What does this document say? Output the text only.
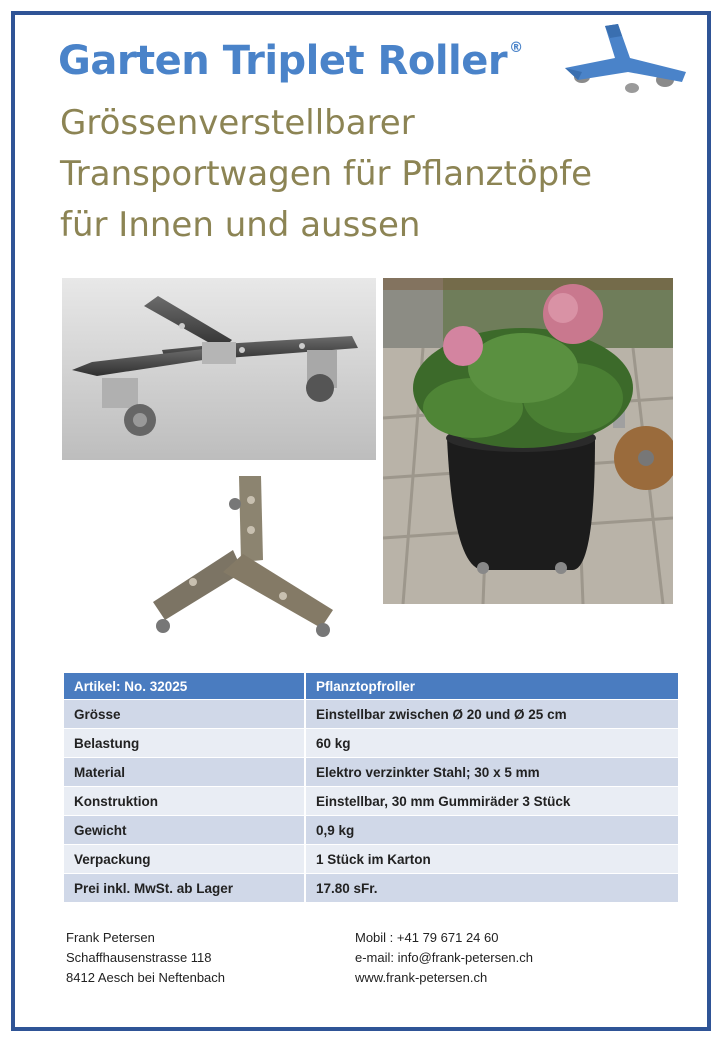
Garten Triplet Roller ®
Grössenverstellbarer
Transportwagen für Pflanztöpfe
für Innen und aussen
Artikel: No. 32025	Pflanztopfroller
Grösse	Einstellbar zwischen Ø 20 und Ø 25 cm
Belastung	60 kg
Material	Elektro verzinkter Stahl; 30 x 5 mm
Konstruktion	Einstellbar, 30 mm Gummiräder 3 Stück
Gewicht	0,9 kg
Verpackung	1 Stück im Karton
Prei inkl. MwSt. ab Lager	17.80 sFr.
Frank Petersen
Schaffhausenstrasse 118
8412 Aesch bei Neftenbach
Mobil : +41 79 671 24 60
e-mail: info@frank-petersen.ch
www.frank-petersen.ch
